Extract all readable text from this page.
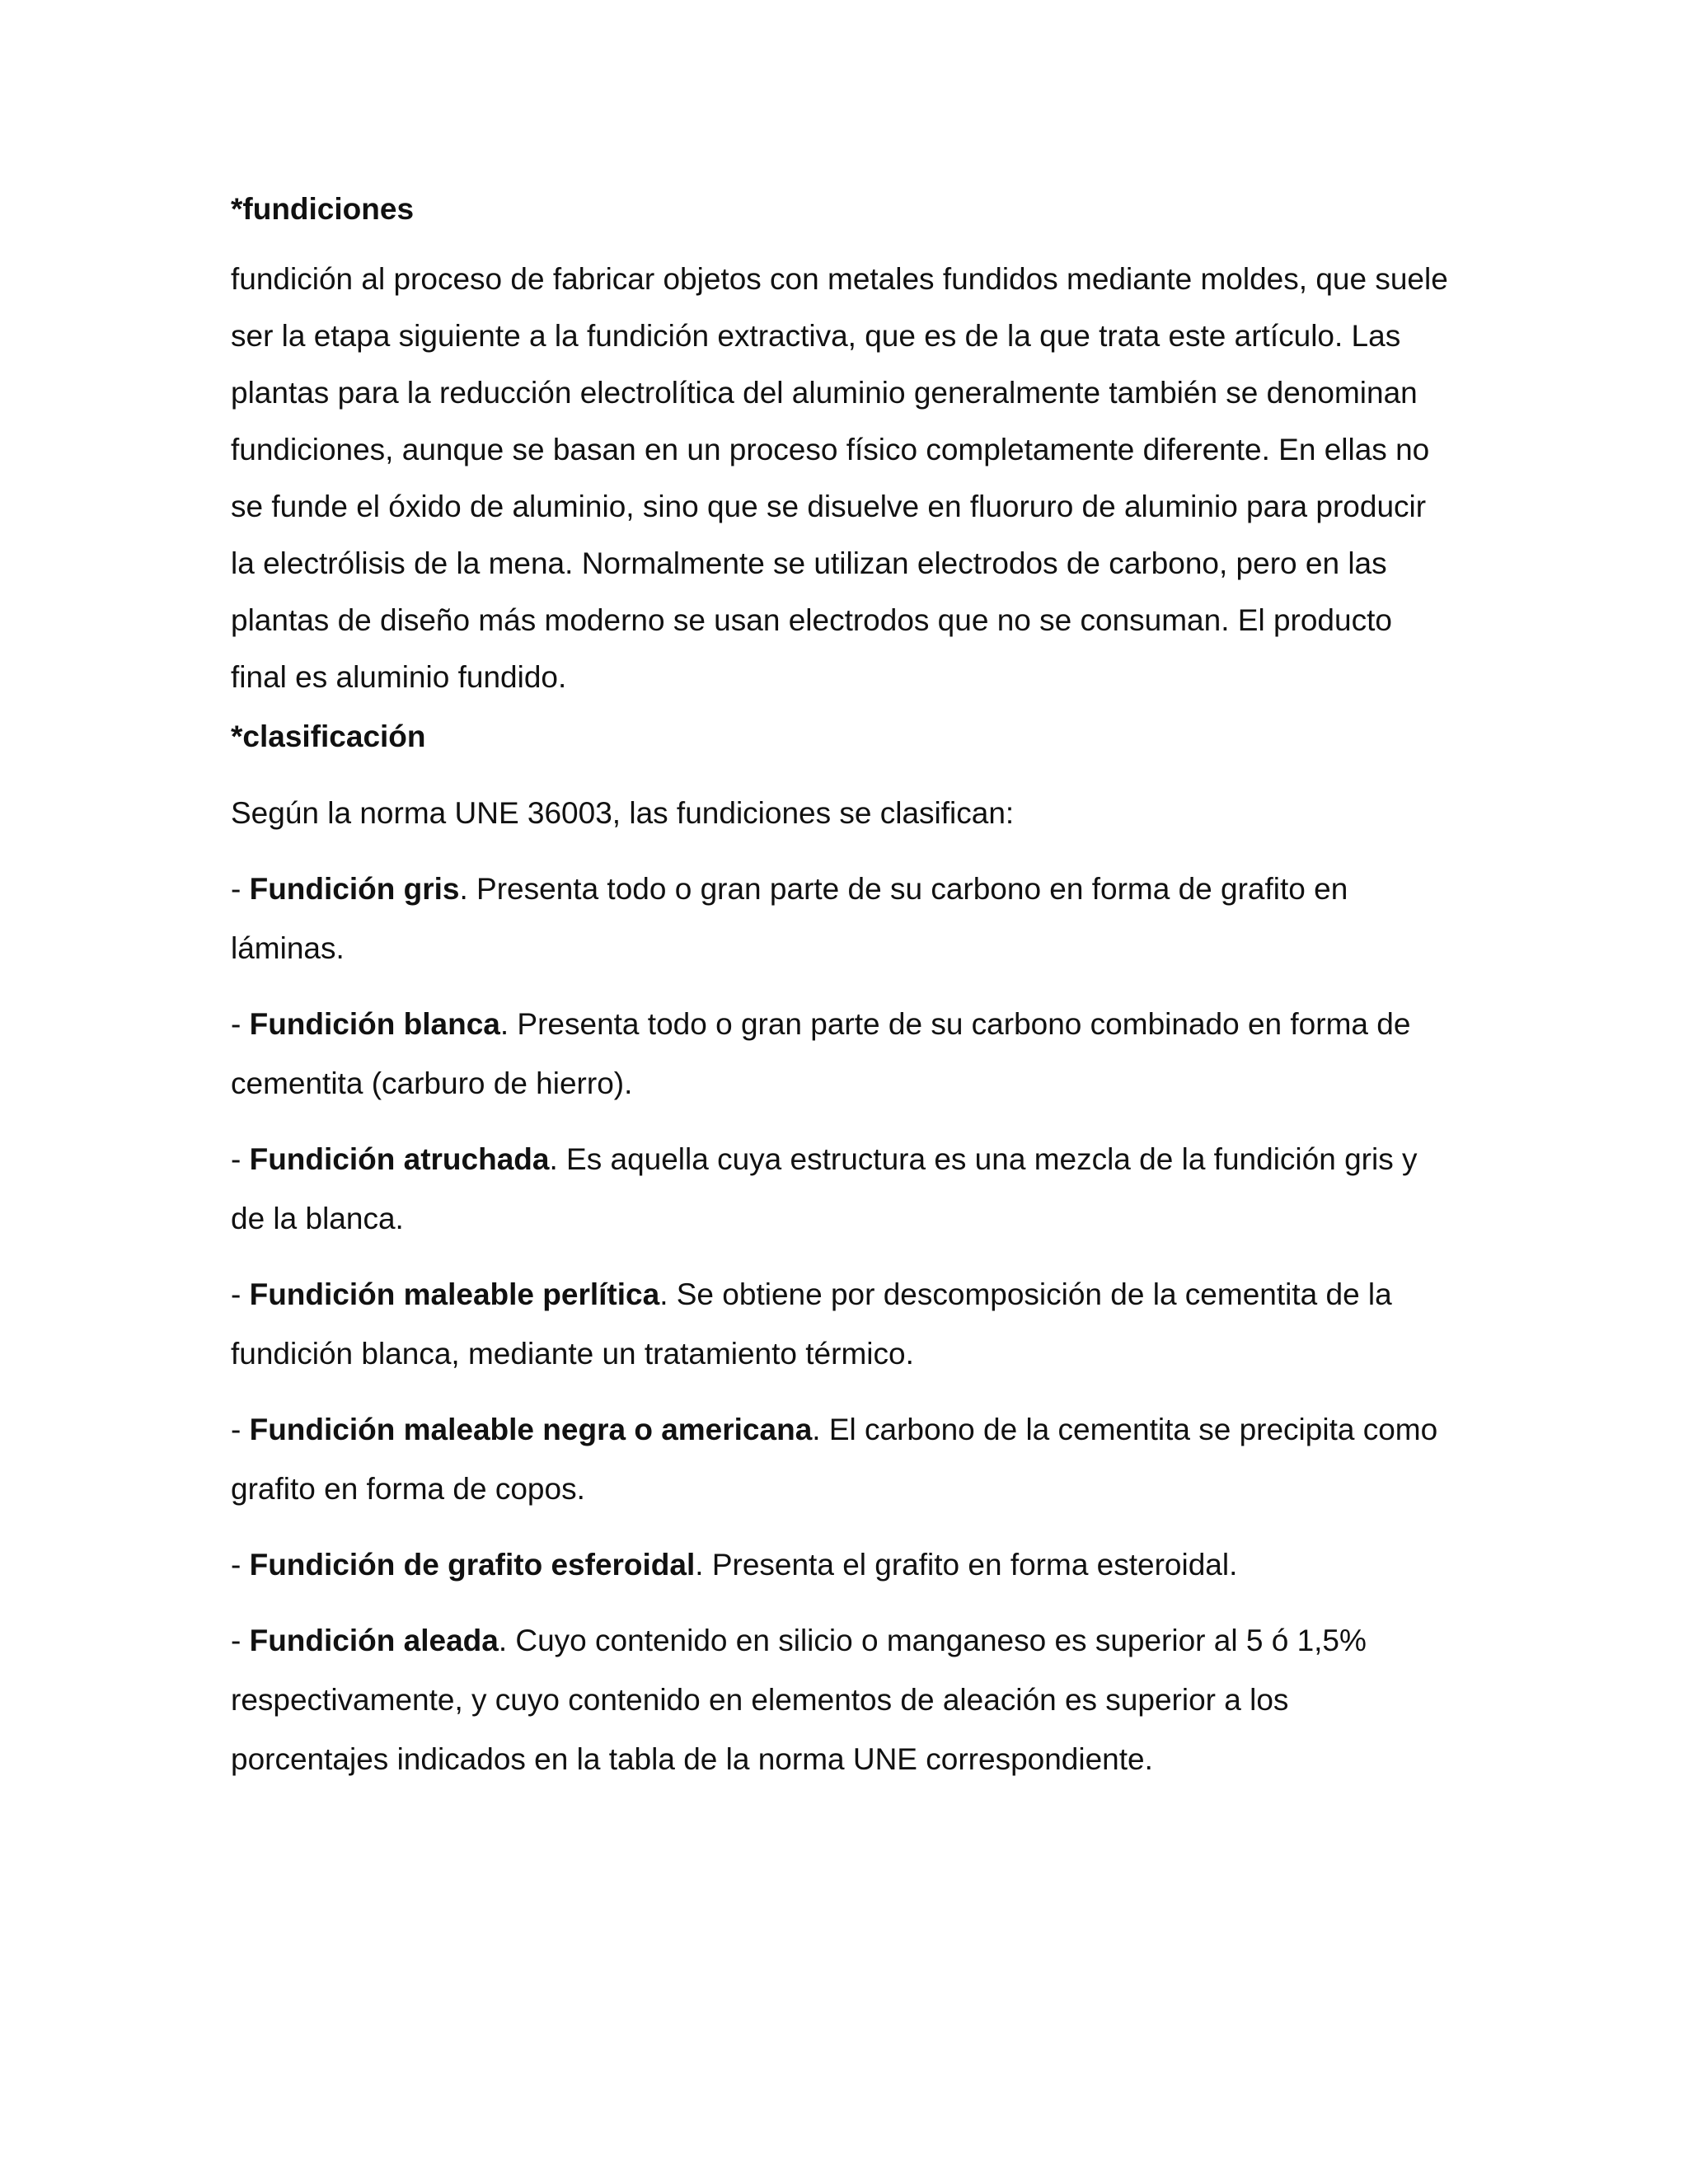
*fundiciones

fundición al proceso de fabricar objetos con metales fundidos mediante moldes, que suele ser la etapa siguiente a la fundición extractiva, que es de la que trata este artículo. Las plantas para la reducción electrolítica del aluminio generalmente también se denominan fundiciones, aunque se basan en un proceso físico completamente diferente. En ellas no se funde el óxido de aluminio, sino que se disuelve en fluoruro de aluminio para producir la electrólisis de la mena. Normalmente se utilizan electrodos de carbono, pero en las plantas de diseño más moderno se usan electrodos que no se consuman. El producto final es aluminio fundido.

*clasificación

Según la norma UNE 36003, las fundiciones se clasifican:

- Fundición gris. Presenta todo o gran parte de su carbono en forma de grafito en láminas.

- Fundición blanca. Presenta todo o gran parte de su carbono combinado en forma de cementita (carburo de hierro).

- Fundición atruchada. Es aquella cuya estructura es una mezcla de la fundición gris y de la blanca.

- Fundición maleable perlítica. Se obtiene por descomposición de la cementita de la fundición blanca, mediante un tratamiento térmico.

- Fundición maleable negra o americana. El carbono de la cementita se precipita como grafito en forma de copos.

- Fundición de grafito esferoidal. Presenta el grafito en forma esteroidal.

- Fundición aleada. Cuyo contenido en silicio o manganeso es superior al 5 ó 1,5% respectivamente, y cuyo contenido en elementos de aleación es superior a los porcentajes indicados en la tabla de la norma UNE correspondiente.
